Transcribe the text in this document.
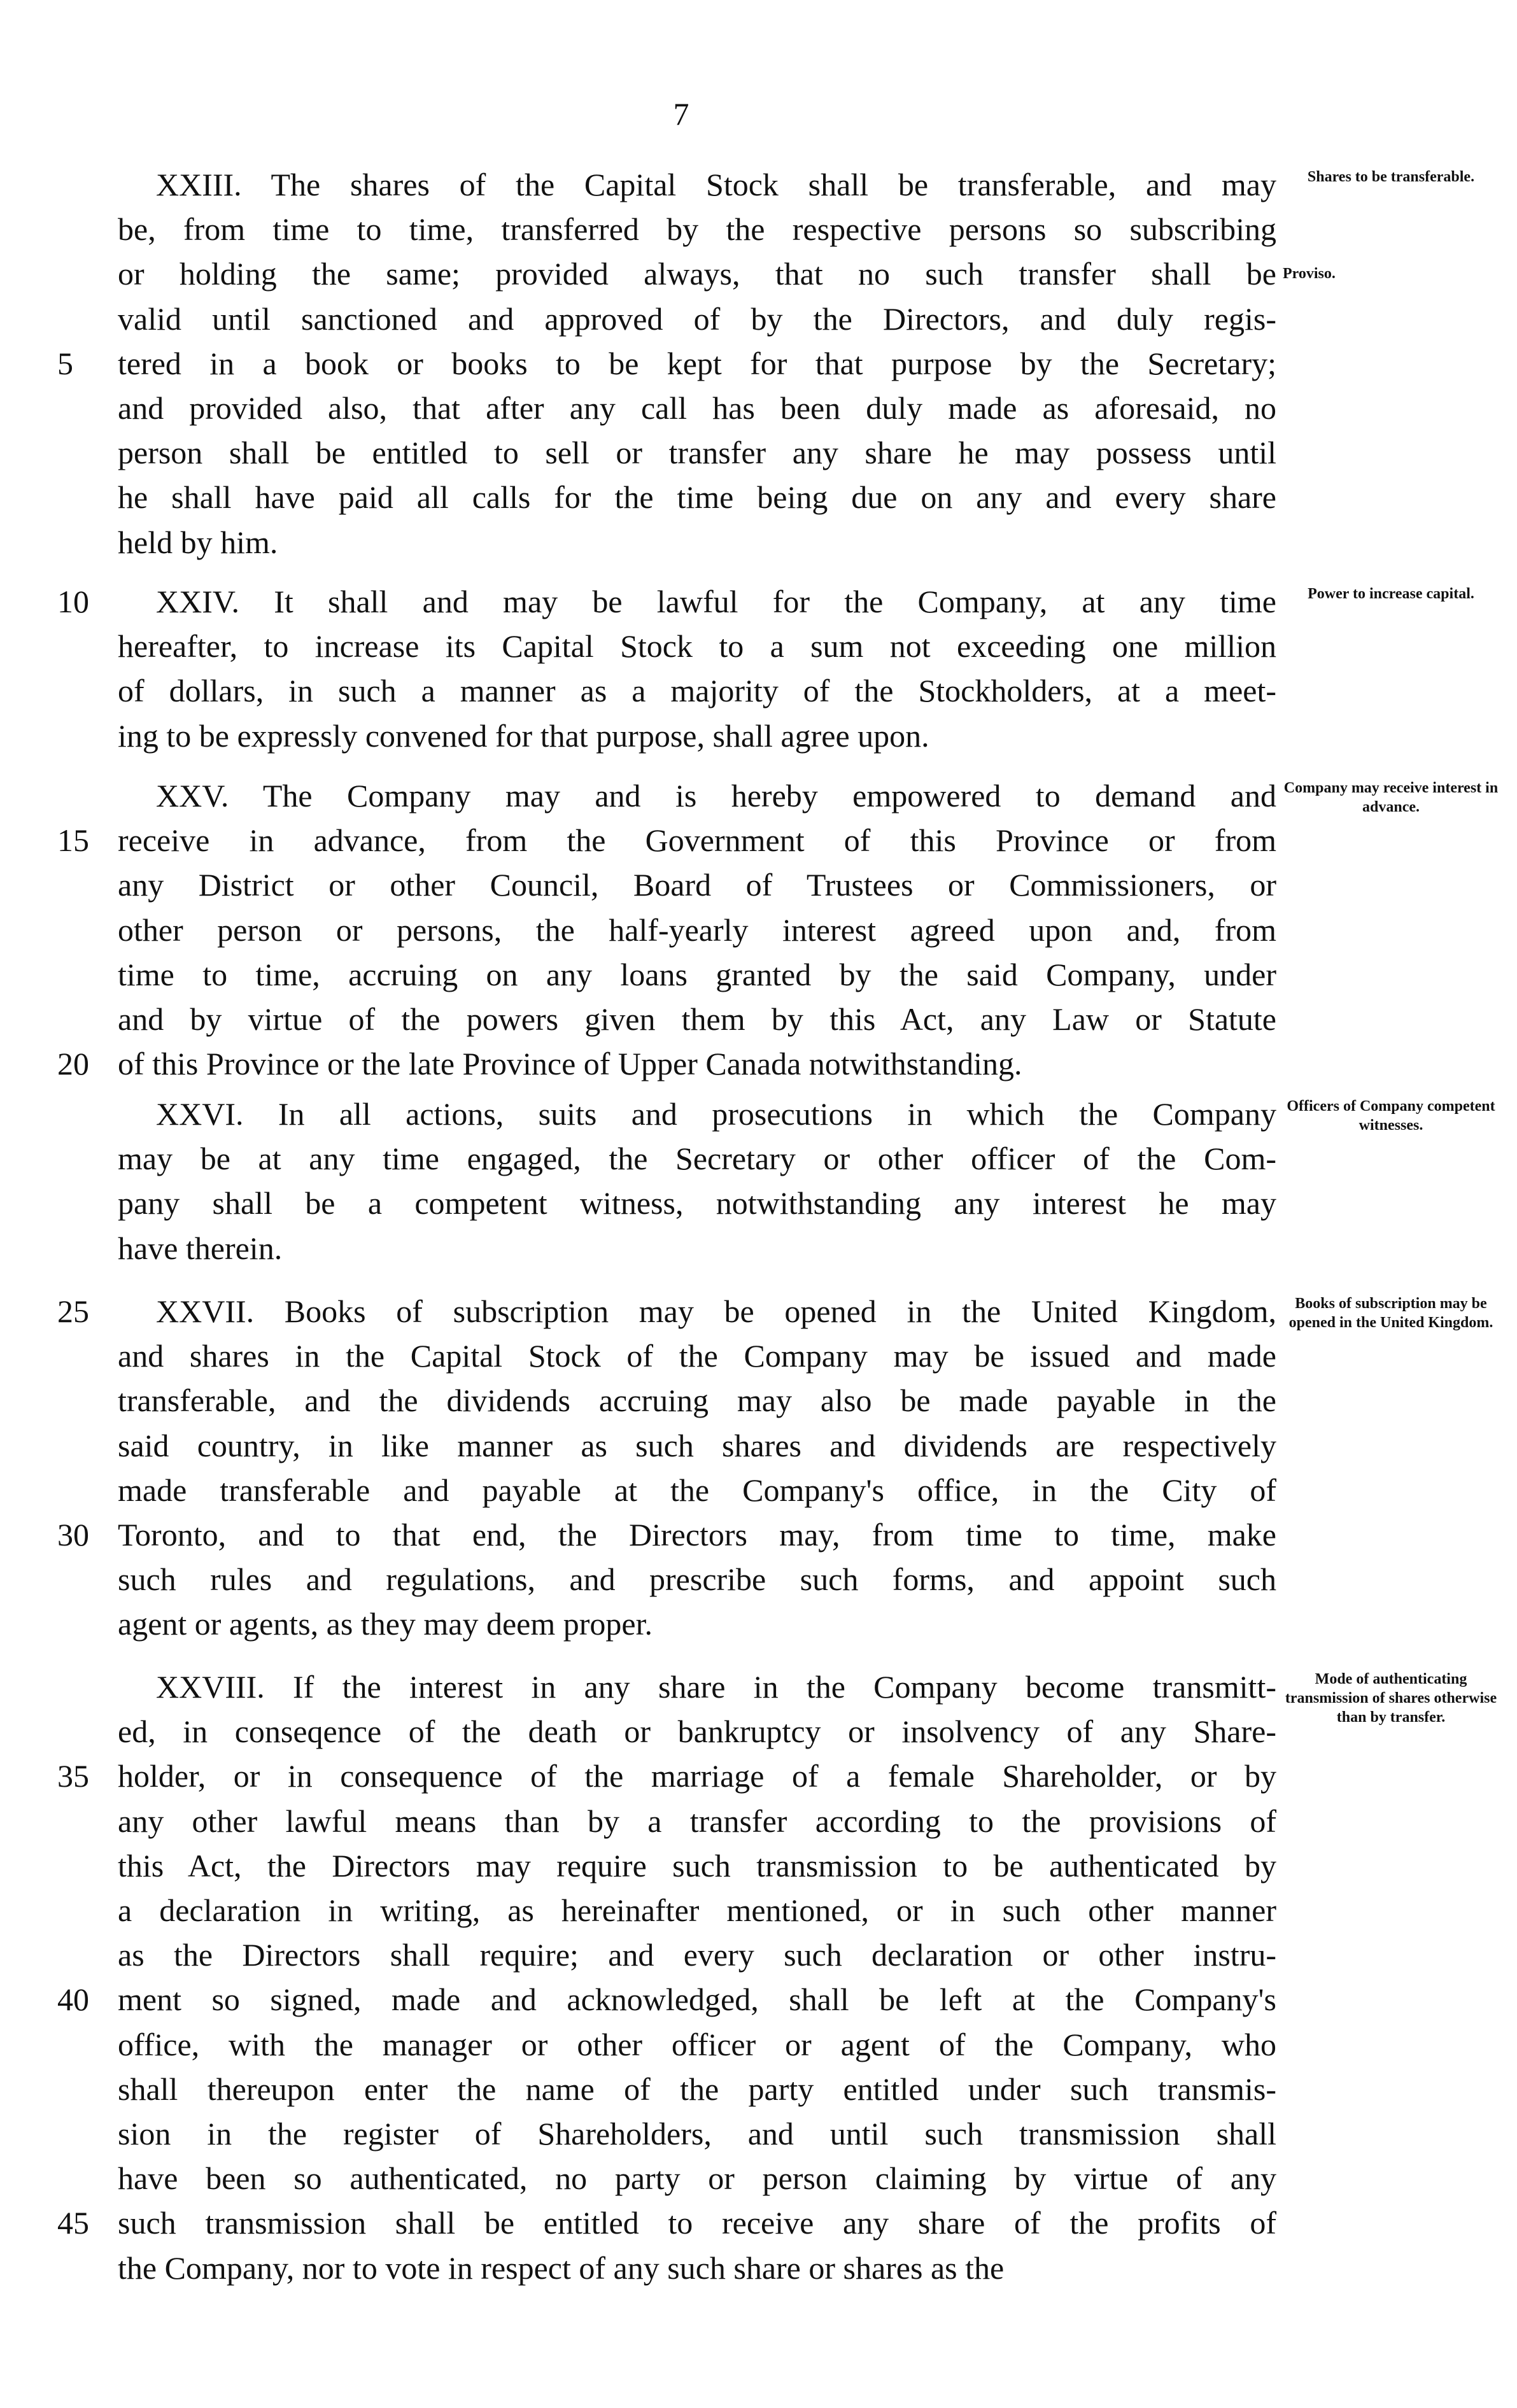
7
XXIII. The shares of the Capital Stock shall be transferable, and may
be, from time to time, transferred by the respective persons so subscribing
or holding the same; provided always, that no such transfer shall be
valid until sanctioned and approved of by the Directors, and duly regis-
tered in a book or books to be kept for that purpose by the Secretary;
5
and provided also, that after any call has been duly made as aforesaid, no
person shall be entitled to sell or transfer any share he may possess until
he shall have paid all calls for the time being due on any and every share
held by him.
Shares to be transferable.
Proviso.
XXIV. It shall and may be lawful for the Company, at any time
10
hereafter, to increase its Capital Stock to a sum not exceeding one million
of dollars, in such a manner as a majority of the Stockholders, at a meet-
ing to be expressly convened for that purpose, shall agree upon.
Power to increase capital.
XXV. The Company may and is hereby empowered to demand and
receive in advance, from the Government of this Province or from
15
any District or other Council, Board of Trustees or Commissioners, or
other person or persons, the half-yearly interest agreed upon and, from
time to time, accruing on any loans granted by the said Company, under
and by virtue of the powers given them by this Act, any Law or Statute
of this Province or the late Province of Upper Canada notwithstanding.
20
Company may receive interest in advance.
XXVI. In all actions, suits and prosecutions in which the Company
may be at any time engaged, the Secretary or other officer of the Com-
pany shall be a competent witness, notwithstanding any interest he may
have therein.
Officers of Company competent witnesses.
XXVII. Books of subscription may be opened in the United Kingdom,
25
and shares in the Capital Stock of the Company may be issued and made
transferable, and the dividends accruing may also be made payable in the
said country, in like manner as such shares and dividends are respectively
made transferable and payable at the Company's office, in the City of
Toronto, and to that end, the Directors may, from time to time, make
30
such rules and regulations, and prescribe such forms, and appoint such
agent or agents, as they may deem proper.
Books of subscription may be opened in the United Kingdom.
XXVIII. If the interest in any share in the Company become transmitt-
ed, in conseqence of the death or bankruptcy or insolvency of any Share-
holder, or in consequence of the marriage of a female Shareholder, or by
35
any other lawful means than by a transfer according to the provisions of
this Act, the Directors may require such transmission to be authenticated by
a declaration in writing, as hereinafter mentioned, or in such other manner
as the Directors shall require; and every such declaration or other instru-
ment so signed, made and acknowledged, shall be left at the Company's
40
office, with the manager or other officer or agent of the Company, who
shall thereupon enter the name of the party entitled under such transmis-
sion in the register of Shareholders, and until such transmission shall
have been so authenticated, no party or person claiming by virtue of any
such transmission shall be entitled to receive any share of the profits of
45
the Company, nor to vote in respect of any such share or shares as the
Mode of authenticating transmission of shares otherwise than by transfer.
